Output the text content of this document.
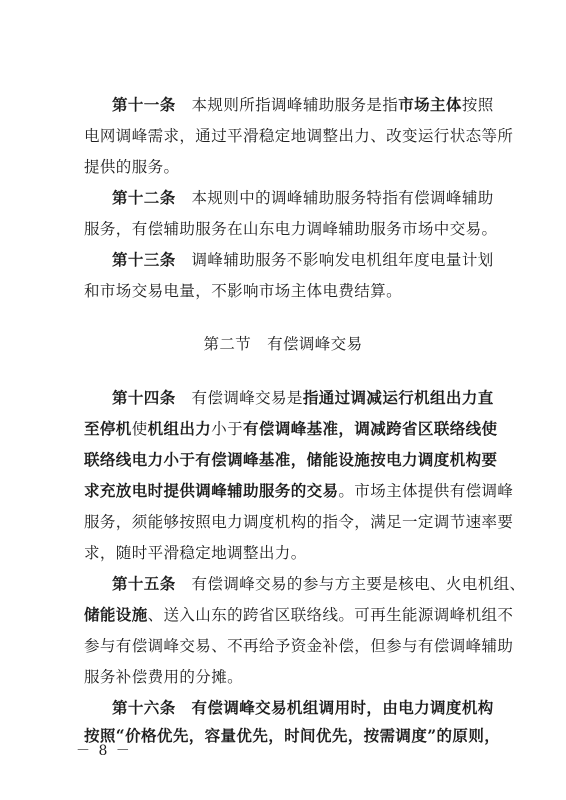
第十一条　 本规则所指调峰辅助服务是指市场主体按照
电网调峰需求，通过平滑稳定地调整出力、改变运行状态等所
提供的服务。
第十二条　 本规则中的调峰辅助服务特指有偿调峰辅助
服务，有偿辅助服务在山东电力调峰辅助服务市场中交易。
第十三条　 调峰辅助服务不影响发电机组年度电量计划
和市场交易电量，不影响市场主体电费结算。
第二节　有偿调峰交易
第十四条　 有偿调峰交易是指通过调减运行机组出力直
至停机使机组出力小于有偿调峰基准，调减跨省区联络线使
联络线电力小于有偿调峰基准，储能设施按电力调度机构要
求充放电时提供调峰辅助服务的交易。市场主体提供有偿调峰
服务，须能够按照电力调度机构的指令，满足一定调节速率要
求，随时平滑稳定地调整出力。
第十五条　 有偿调峰交易的参与方主要是核电、火电机组、
储能设施、送入山东的跨省区联络线。可再生能源调峰机组不
参与有偿调峰交易、不再给予资金补偿，但参与有偿调峰辅助
服务补偿费用的分摊。
第十六条　 有偿调峰交易机组调用时，由电力调度机构
按照“价格优先，容量优先，时间优先，按需调度”的原则，
－ 8 －
